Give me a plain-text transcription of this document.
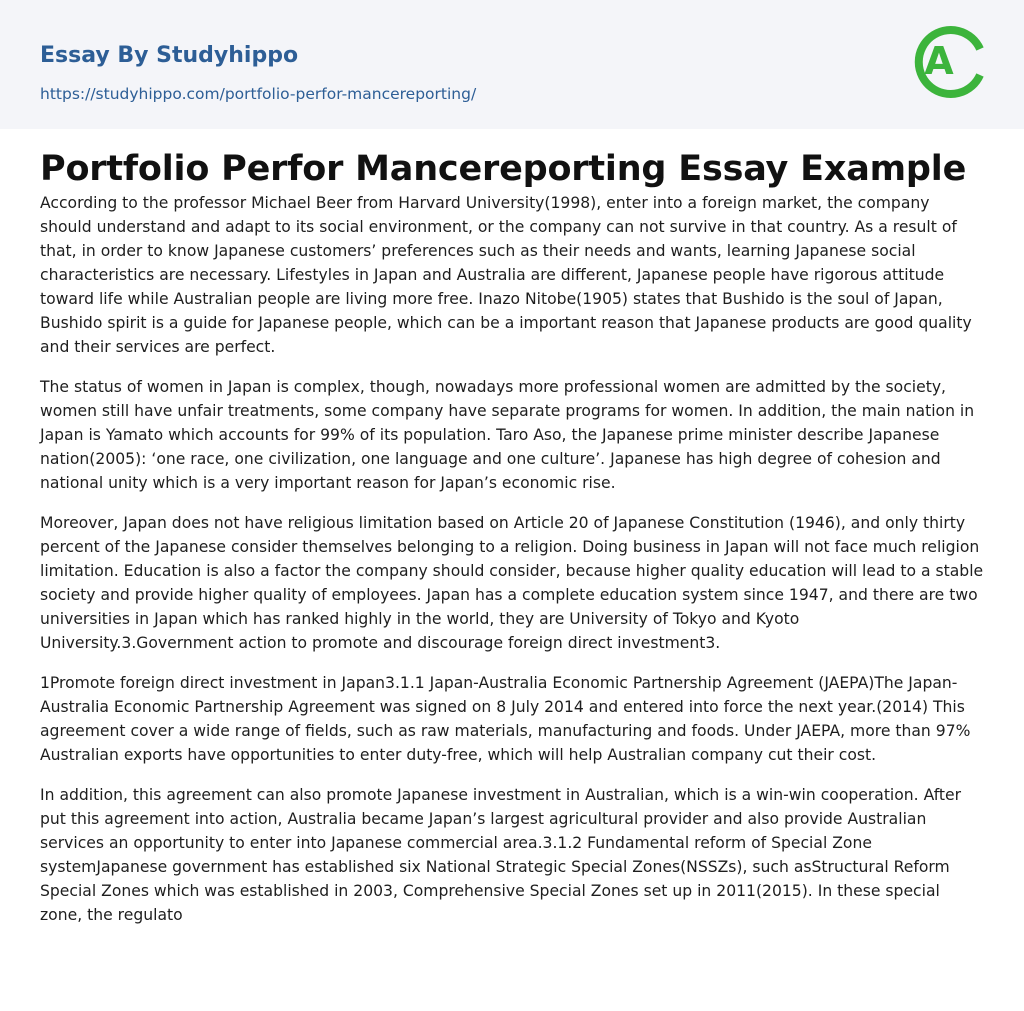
Essay By Studyhippo
https://studyhippo.com/portfolio-perfor-mancereporting/
A
Portfolio Perfor Mancereporting Essay Example

According to the professor Michael Beer from Harvard University(1998), enter into a foreign market, the company should understand and adapt to its social environment, or the company can not survive in that country. As a result of that, in order to know Japanese customers’ preferences such as their needs and wants, learning Japanese social characteristics are necessary. Lifestyles in Japan and Australia are different, Japanese people have rigorous attitude toward life while Australian people are living more free. Inazo Nitobe(1905) states that Bushido is the soul of Japan, Bushido spirit is a guide for Japanese people, which can be a important reason that Japanese products are good quality and their services are perfect.

The status of women in Japan is complex, though, nowadays more professional women are admitted by the society, women still have unfair treatments, some company have separate programs for women. In addition, the main nation in Japan is Yamato which accounts for 99% of its population. Taro Aso, the Japanese prime minister describe Japanese nation(2005): ‘one race, one civilization, one language and one culture’. Japanese has high degree of cohesion and national unity which is a very important reason for Japan’s economic rise.

Moreover, Japan does not have religious limitation based on Article 20 of Japanese Constitution (1946), and only thirty percent of the Japanese consider themselves belonging to a religion. Doing business in Japan will not face much religion limitation. Education is also a factor the company should consider, because higher quality education will lead to a stable society and provide higher quality of employees. Japan has a complete education system since 1947, and there are two universities in Japan which has ranked highly in the world, they are University of Tokyo and Kyoto University.3.Government action to promote and discourage foreign direct investment3.

1Promote foreign direct investment in Japan3.1.1 Japan-Australia Economic Partnership Agreement (JAEPA)The Japan-Australia Economic Partnership Agreement was signed on 8 July 2014 and entered into force the next year.(2014) This agreement cover a wide range of fields, such as raw materials, manufacturing and foods. Under JAEPA, more than 97% Australian exports have opportunities to enter duty-free, which will help Australian company cut their cost.

In addition, this agreement can also promote Japanese investment in Australian, which is a win-win cooperation. After put this agreement into action, Australia became Japan’s largest agricultural provider and also provide Australian services an opportunity to enter into Japanese commercial area.3.1.2 Fundamental reform of Special Zone systemJapanese government has established six National Strategic Special Zones(NSSZs), such asStructural Reform Special Zones which was established in 2003, Comprehensive Special Zones set up in 2011(2015). In these special zone, the regulato
